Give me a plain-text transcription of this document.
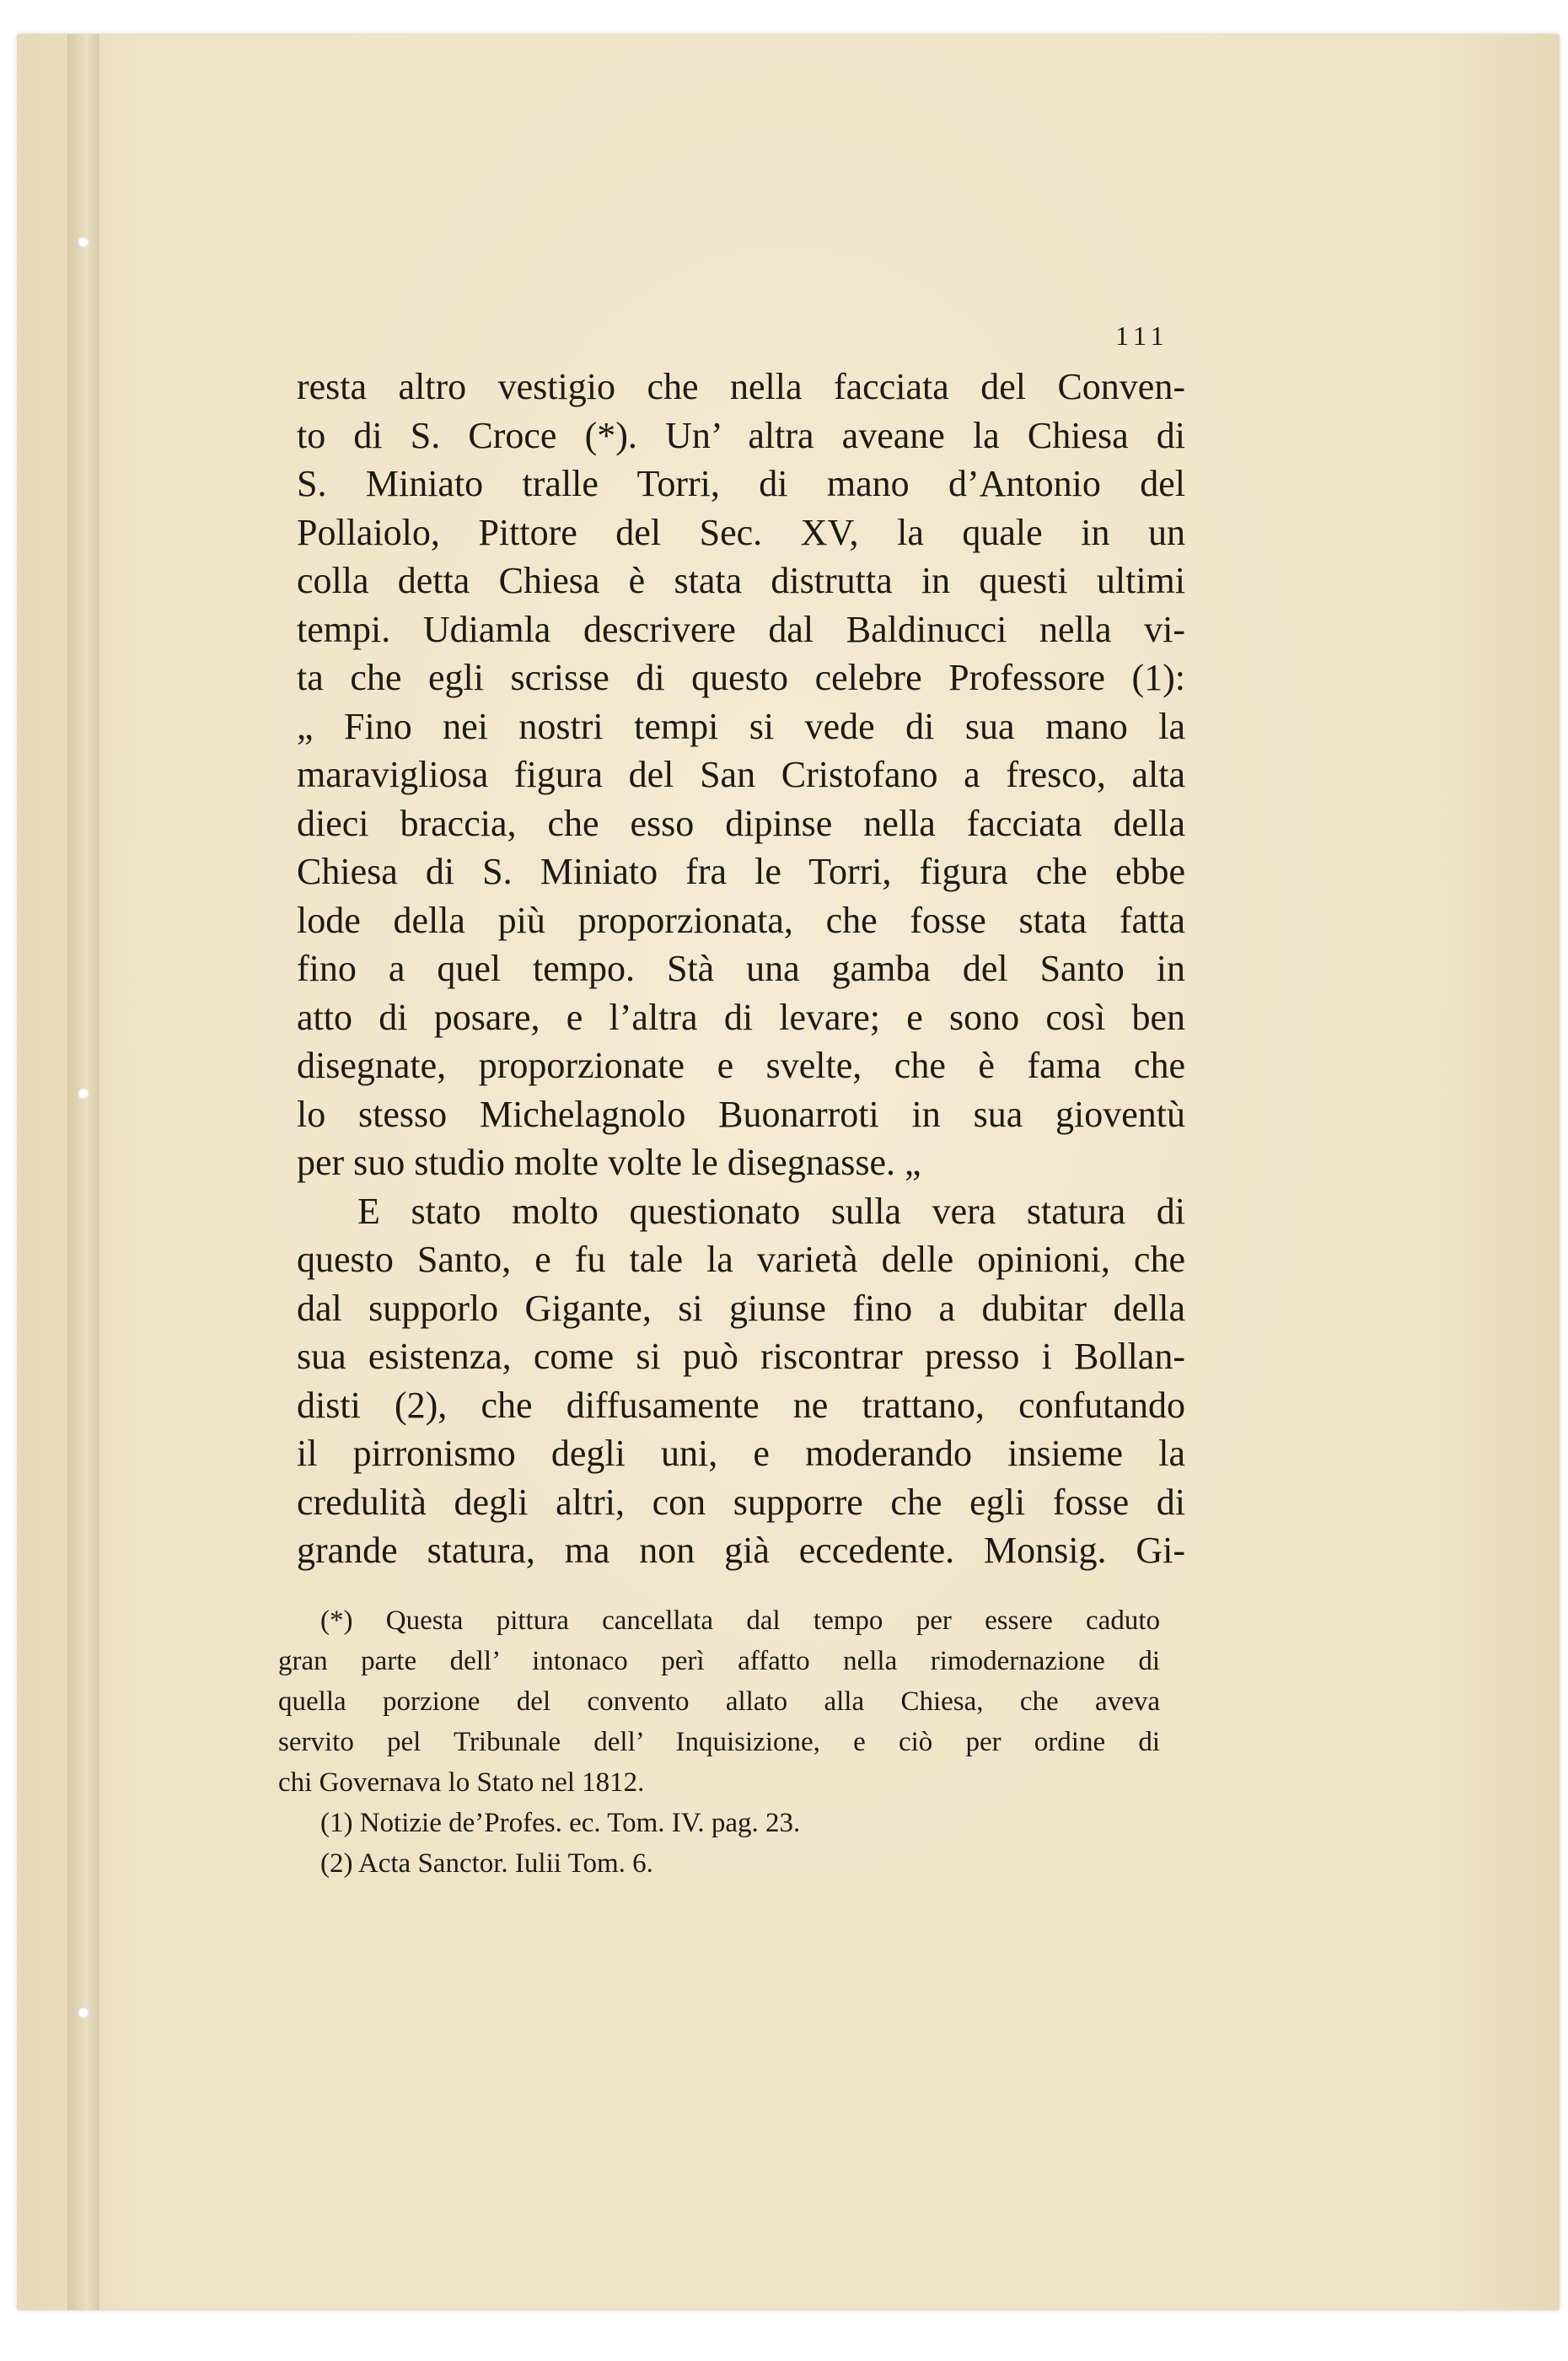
111
resta altro vestigio che nella facciata del Conven-
to di S. Croce (*). Un’ altra aveane la Chiesa di
S. Miniato tralle Torri, di mano d’Antonio del
Pollaiolo, Pittore del Sec. XV, la quale in un
colla detta Chiesa è stata distrutta in questi ultimi
tempi. Udiamla descrivere dal Baldinucci nella vi-
ta che egli scrisse di questo celebre Professore (1):
„ Fino nei nostri tempi si vede di sua mano la
maravigliosa figura del San Cristofano a fresco, alta
dieci braccia, che esso dipinse nella facciata della
Chiesa di S. Miniato fra le Torri, figura che ebbe
lode della più proporzionata, che fosse stata fatta
fino a quel tempo. Stà una gamba del Santo in
atto di posare, e l’altra di levare; e sono così ben
disegnate, proporzionate e svelte, che è fama che
lo stesso Michelagnolo Buonarroti in sua gioventù
per suo studio molte volte le disegnasse. „
E stato molto questionato sulla vera statura di
questo Santo, e fu tale la varietà delle opinioni, che
dal supporlo Gigante, si giunse fino a dubitar della
sua esistenza, come si può riscontrar presso i Bollan-
disti (2), che diffusamente ne trattano, confutando
il pirronismo degli uni, e moderando insieme la
credulità degli altri, con supporre che egli fosse di
grande statura, ma non già eccedente. Monsig. Gi-
(*) Questa pittura cancellata dal tempo per essere caduto
gran parte dell’ intonaco perì affatto nella rimodernazione di
quella porzione del convento allato alla Chiesa, che aveva
servito pel Tribunale dell’ Inquisizione, e ciò per ordine di
chi Governava lo Stato nel 1812.
(1) Notizie de’Profes. ec. Tom. IV. pag. 23.
(2) Acta Sanctor. Iulii Tom. 6.
